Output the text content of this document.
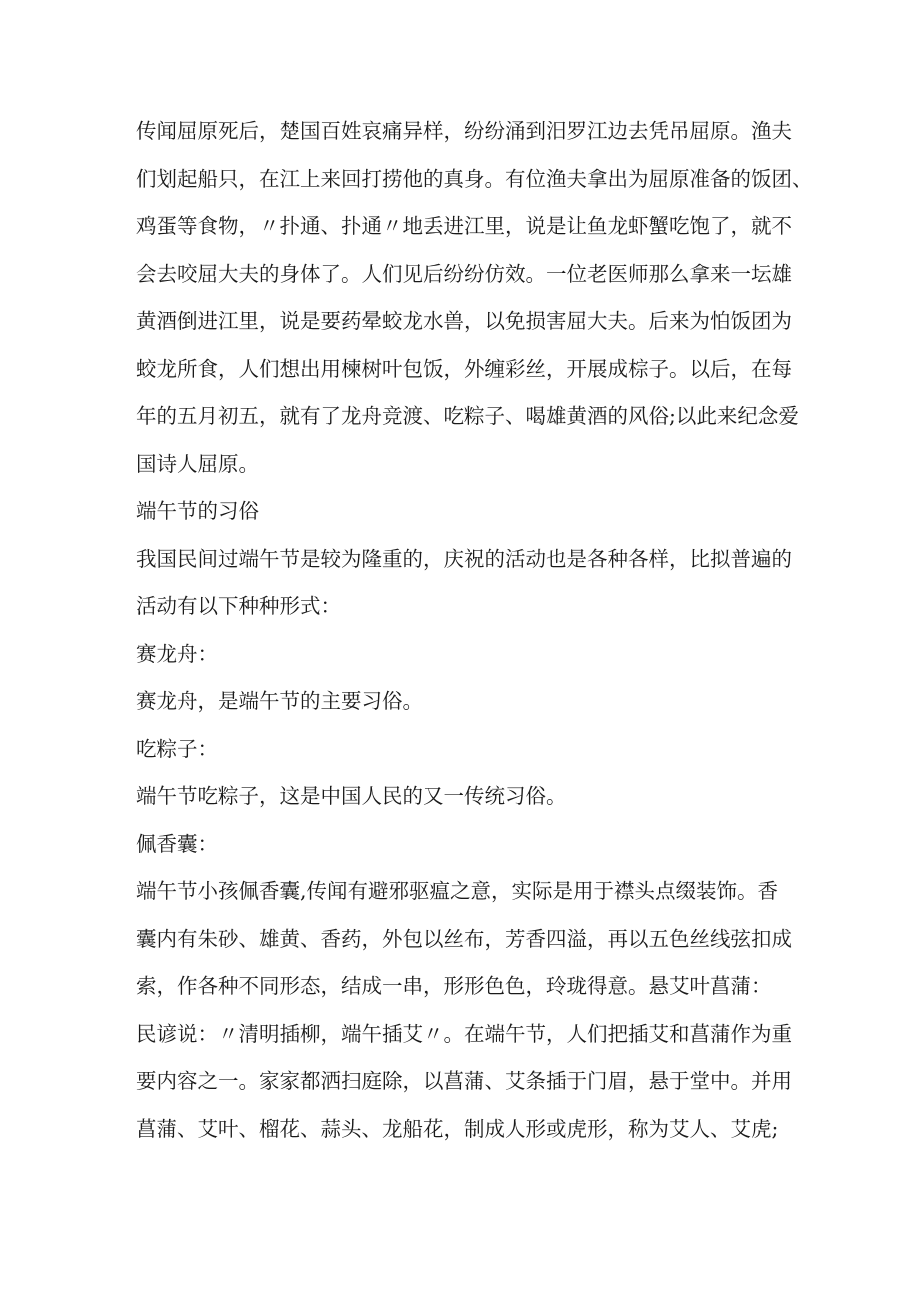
传闻屈原死后，楚国百姓哀痛异样，纷纷涌到汨罗江边去凭吊屈原。渔夫
们划起船只，在江上来回打捞他的真身。有位渔夫拿出为屈原准备的饭团、
鸡蛋等食物，〃扑通、扑通〃地丢进江里，说是让鱼龙虾蟹吃饱了，就不
会去咬屈大夫的身体了。人们见后纷纷仿效。一位老医师那么拿来一坛雄
黄酒倒进江里，说是要药晕蛟龙水兽，以免损害屈大夫。后来为怕饭团为
蛟龙所食，人们想出用楝树叶包饭，外缠彩丝，开展成棕子。以后，在每
年的五月初五，就有了龙舟竞渡、吃粽子、喝雄黄酒的风俗;以此来纪念爱
国诗人屈原。
端午节的习俗
我国民间过端午节是较为隆重的，庆祝的活动也是各种各样，比拟普遍的
活动有以下种种形式：
赛龙舟：
赛龙舟，是端午节的主要习俗。
吃粽子：
端午节吃粽子，这是中国人民的又一传统习俗。
佩香囊：
端午节小孩佩香囊,传闻有避邪驱瘟之意，实际是用于襟头点缀装饰。香
囊内有朱砂、雄黄、香药，外包以丝布，芳香四溢，再以五色丝线弦扣成
索，作各种不同形态，结成一串，形形色色，玲珑得意。悬艾叶菖蒲：
民谚说：〃清明插柳，端午插艾〃。在端午节，人们把插艾和菖蒲作为重
要内容之一。家家都洒扫庭除，以菖蒲、艾条插于门眉，悬于堂中。并用
菖蒲、艾叶、榴花、蒜头、龙船花，制成人形或虎形，称为艾人、艾虎;
